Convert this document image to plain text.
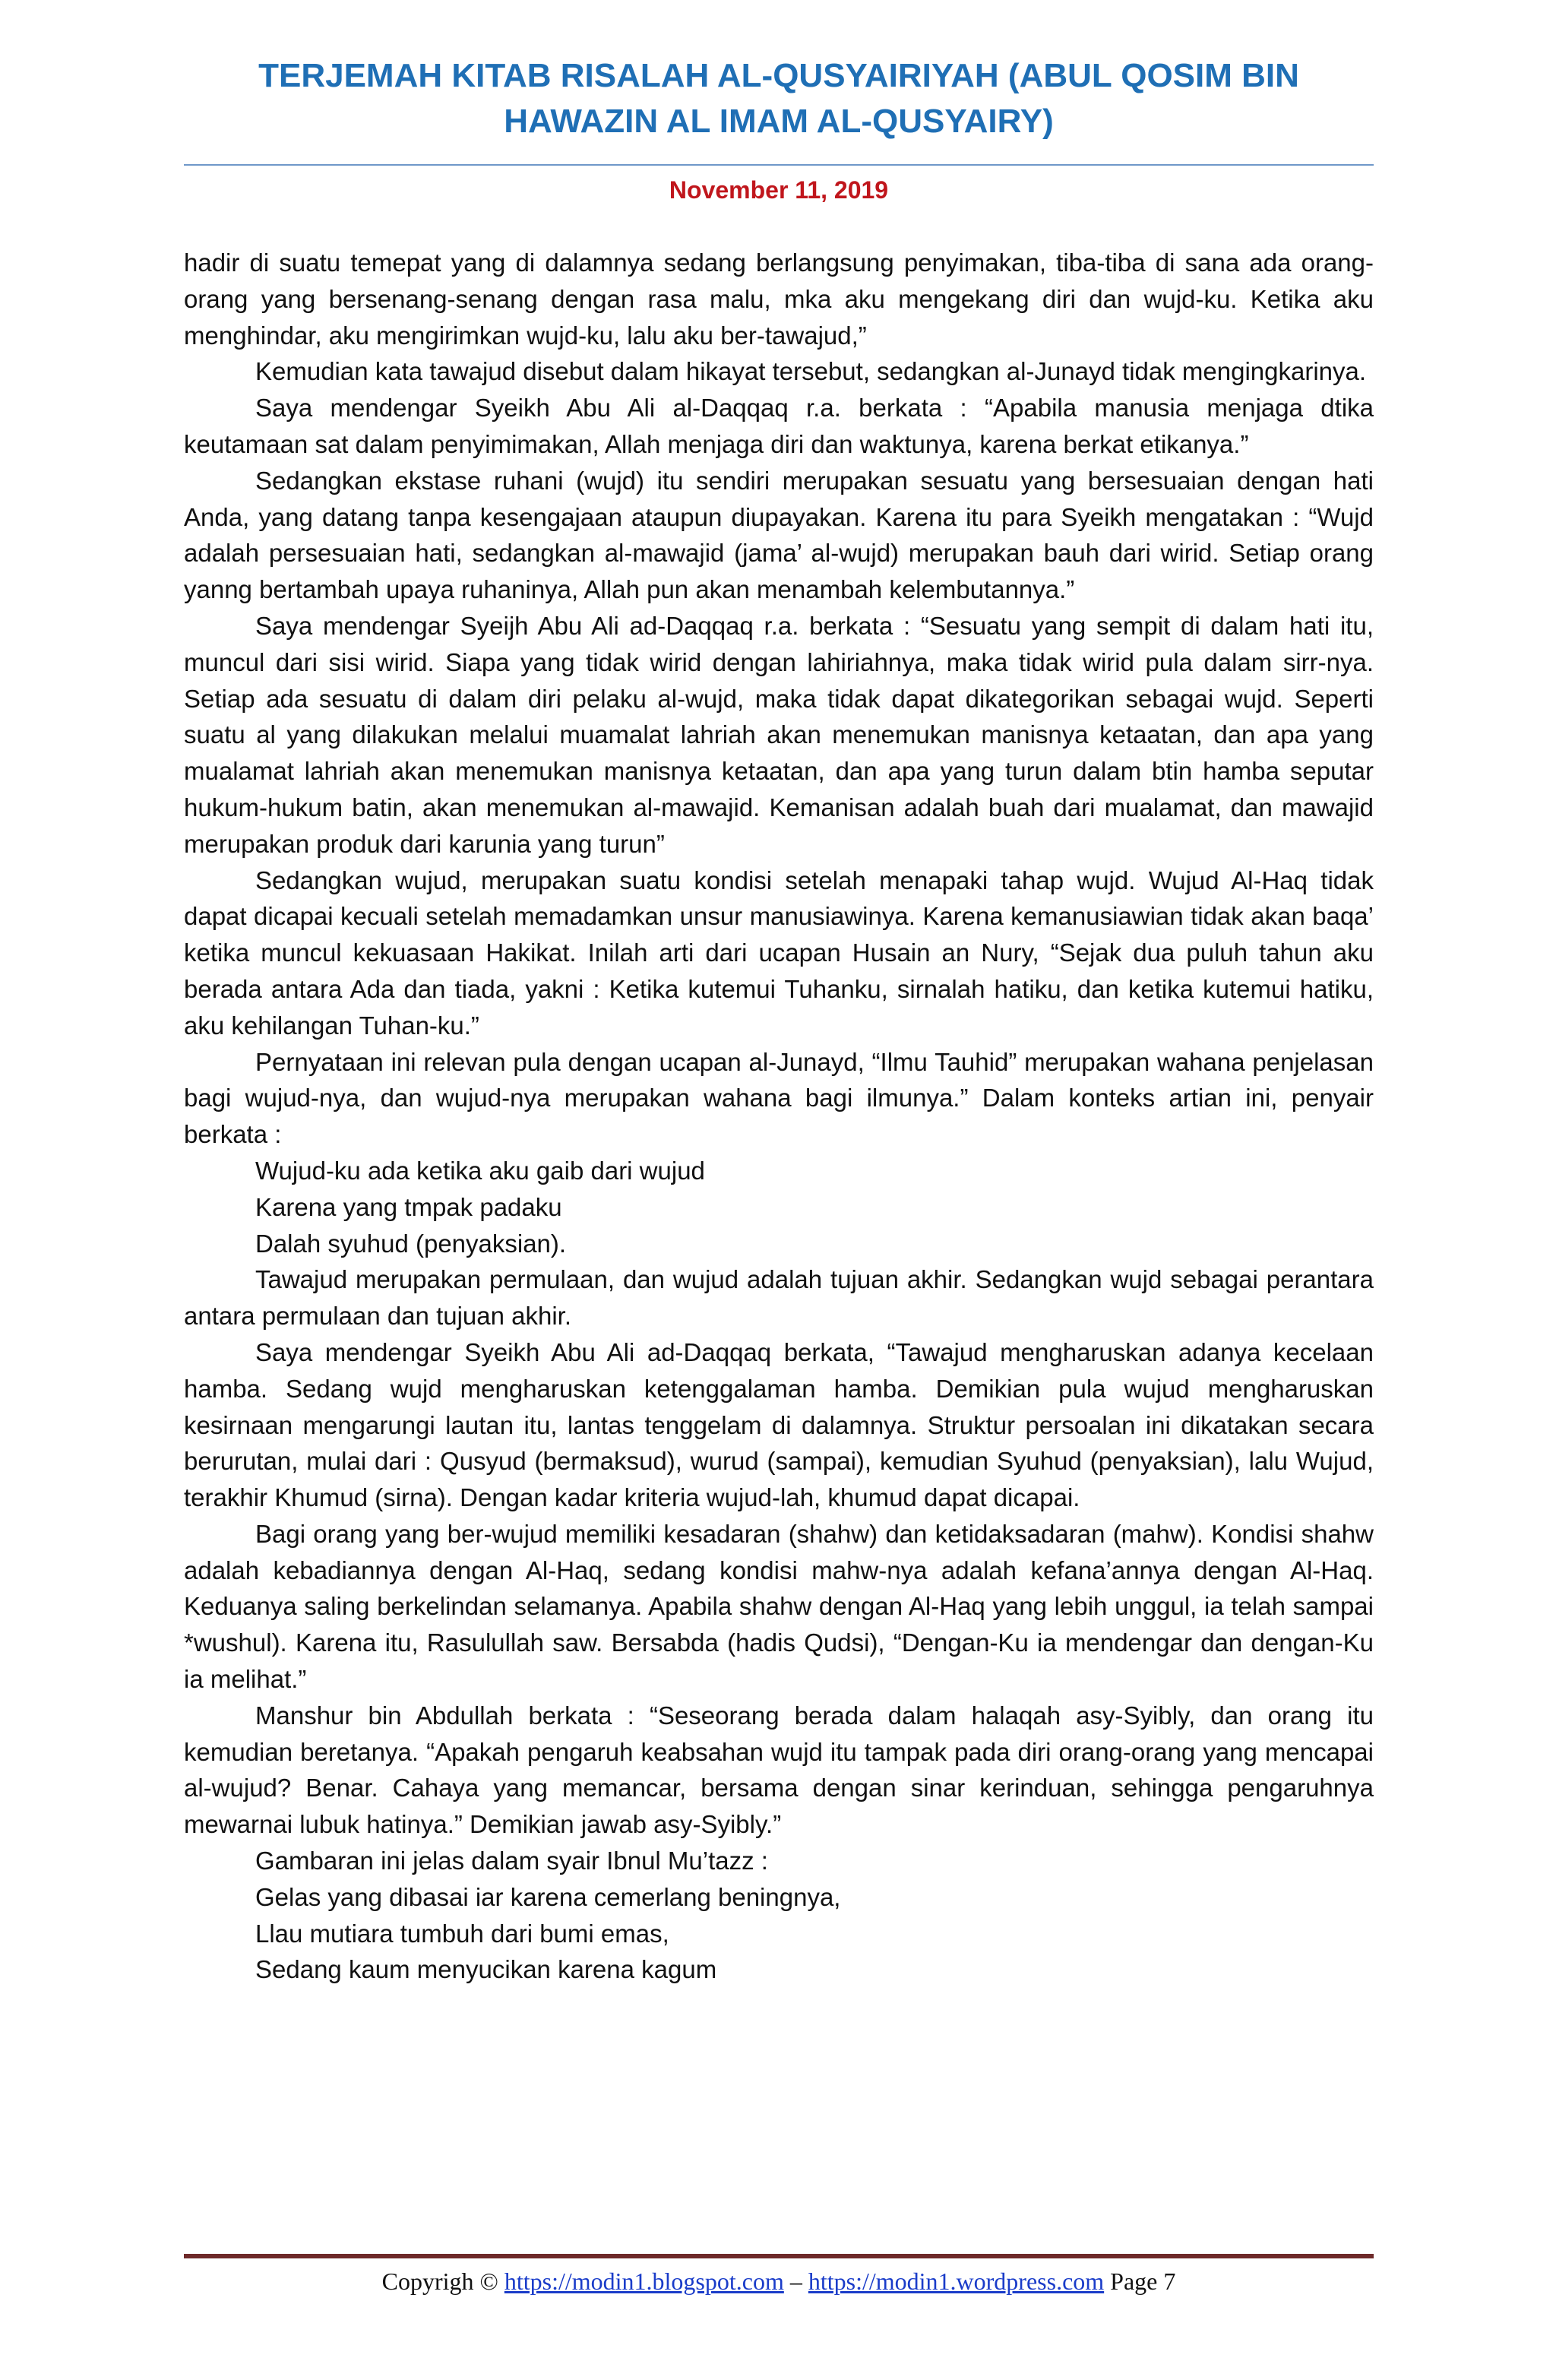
TERJEMAH KITAB RISALAH AL-QUSYAIRIYAH (ABUL QOSIM BIN

HAWAZIN AL IMAM AL-QUSYAIRY)

November 11, 2019

hadir di suatu temepat yang di dalamnya sedang berlangsung penyimakan, tiba-tiba di sana ada orang-orang yang bersenang-senang dengan rasa malu, mka aku mengekang diri dan wujd-ku. Ketika aku menghindar, aku mengirimkan wujd-ku, lalu aku ber-tawajud,”

Kemudian kata tawajud disebut dalam hikayat tersebut, sedangkan al-Junayd tidak mengingkarinya.

Saya mendengar Syeikh Abu Ali al-Daqqaq r.a. berkata : “Apabila manusia menjaga dtika keutamaan sat dalam penyimimakan, Allah menjaga diri dan waktunya, karena berkat etikanya.”

Sedangkan ekstase ruhani (wujd) itu sendiri merupakan sesuatu yang bersesuaian dengan hati Anda, yang datang tanpa kesengajaan ataupun diupayakan. Karena itu para Syeikh mengatakan : “Wujd adalah persesuaian hati, sedangkan al-mawajid (jama’ al-wujd) merupakan bauh dari wirid. Setiap orang yanng bertambah upaya ruhaninya, Allah pun akan menambah kelembutannya.”

Saya mendengar Syeijh Abu Ali ad-Daqqaq r.a. berkata : “Sesuatu yang sempit di dalam hati itu, muncul dari sisi wirid. Siapa yang tidak wirid dengan lahiriahnya, maka tidak wirid pula dalam sirr-nya. Setiap ada sesuatu di dalam diri pelaku al-wujd, maka tidak dapat dikategorikan sebagai wujd. Seperti suatu al yang dilakukan melalui muamalat lahriah akan menemukan manisnya ketaatan, dan apa yang mualamat lahriah akan menemukan manisnya ketaatan, dan apa yang turun dalam btin hamba seputar hukum-hukum batin, akan menemukan al-mawajid. Kemanisan adalah buah dari mualamat, dan mawajid merupakan produk dari karunia yang turun”

Sedangkan wujud, merupakan suatu kondisi setelah menapaki tahap wujd. Wujud Al-Haq tidak dapat dicapai kecuali setelah memadamkan unsur manusiawinya. Karena kemanusiawian tidak akan baqa’ ketika muncul kekuasaan Hakikat. Inilah arti dari ucapan Husain an Nury, “Sejak dua puluh tahun aku berada antara Ada dan tiada, yakni : Ketika kutemui Tuhanku, sirnalah hatiku, dan ketika kutemui hatiku, aku kehilangan Tuhan-ku.”

Pernyataan ini relevan pula dengan ucapan al-Junayd, “Ilmu Tauhid” merupakan wahana penjelasan bagi wujud-nya, dan wujud-nya merupakan wahana bagi ilmunya.” Dalam konteks artian ini, penyair berkata :

Wujud-ku ada ketika aku gaib dari wujud

Karena yang tmpak padaku

Dalah syuhud (penyaksian).

Tawajud merupakan permulaan, dan wujud adalah tujuan akhir. Sedangkan wujd sebagai perantara antara permulaan dan tujuan akhir.

Saya mendengar Syeikh Abu Ali ad-Daqqaq berkata, “Tawajud mengharuskan adanya kecelaan hamba. Sedang wujd mengharuskan ketenggalaman hamba. Demikian pula wujud mengharuskan kesirnaan mengarungi lautan itu, lantas tenggelam di dalamnya. Struktur persoalan ini dikatakan secara berurutan, mulai dari : Qusyud (bermaksud), wurud (sampai), kemudian Syuhud (penyaksian), lalu Wujud, terakhir Khumud (sirna). Dengan kadar kriteria wujud-lah, khumud dapat dicapai.

Bagi orang yang ber-wujud memiliki kesadaran (shahw) dan ketidaksadaran (mahw). Kondisi shahw adalah kebadiannya dengan Al-Haq, sedang kondisi mahw-nya adalah kefana’annya dengan Al-Haq. Keduanya saling berkelindan selamanya. Apabila shahw dengan Al-Haq yang lebih unggul, ia telah sampai *wushul). Karena itu, Rasulullah saw. Bersabda (hadis Qudsi), “Dengan-Ku ia mendengar dan dengan-Ku ia melihat.”

Manshur bin Abdullah berkata : “Seseorang berada dalam halaqah asy-Syibly, dan orang itu kemudian beretanya. “Apakah pengaruh keabsahan wujd itu tampak pada diri orang-orang yang mencapai al-wujud? Benar. Cahaya yang memancar, bersama dengan sinar kerinduan, sehingga pengaruhnya mewarnai lubuk hatinya.” Demikian jawab asy-Syibly.”

Gambaran ini jelas dalam syair Ibnul Mu’tazz :

Gelas yang dibasai iar karena cemerlang beningnya,

Llau mutiara tumbuh dari bumi emas,

Sedang kaum menyucikan karena kagum

Copyrigh © https://modin1.blogspot.com – https://modin1.wordpress.com Page 7
